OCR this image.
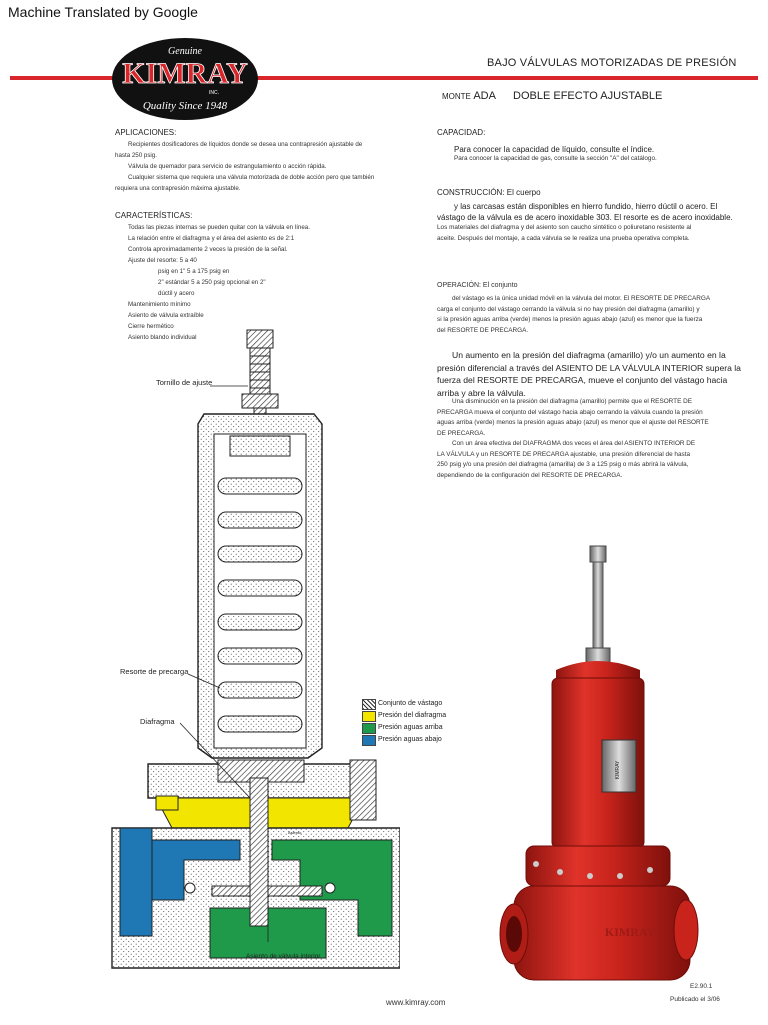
Machine Translated by Google
Genuine
KIMRAY
INC.
Quality Since 1948
BAJO VÁLVULAS MOTORIZADAS DE PRESIÓN
MONTE ADA DOBLE EFECTO AJUSTABLE
APLICACIONES:
Recipientes dosificadores de líquidos donde se desea una contrapresión ajustable de
hasta 250 psig.
Válvula de quemador para servicio de estrangulamiento o acción rápida.
Cualquier sistema que requiera una válvula motorizada de doble acción pero que también
requiera una contrapresión máxima ajustable.
CARACTERÍSTICAS:
Todas las piezas internas se pueden quitar con la válvula en línea.
La relación entre el diafragma y el área del asiento es de 2:1
Controla aproximadamente 2 veces la presión de la señal.
Ajuste del resorte: 5 a 40
psig en 1" 5 a 175 psig en
2" estándar 5 a 250 psig opcional en 2"
dúctil y acero
Mantenimiento mínimo
Asiento de válvula extraíble
Cierre hermético
Asiento blando individual
CAPACIDAD:
Para conocer la capacidad de líquido, consulte el índice.
Para conocer la capacidad de gas, consulte la sección "A" del catálogo.
CONSTRUCCIÓN: El cuerpo
y las carcasas están disponibles en hierro fundido, hierro dúctil o acero. El
vástago de la válvula es de acero inoxidable 303. El resorte es de acero inoxidable.
Los materiales del diafragma y del asiento son caucho sintético o poliuretano resistente al
aceite. Después del montaje, a cada válvula se le realiza una prueba operativa completa.
OPERACIÓN: El conjunto
del vástago es la única unidad móvil en la válvula del motor. El RESORTE DE PRECARGA
carga el conjunto del vástago cerrando la válvula si no hay presión del diafragma (amarillo) y
si la presión aguas arriba (verde) menos la presión aguas abajo (azul) es menor que la fuerza
del RESORTE DE PRECARGA.
Un aumento en la presión del diafragma (amarillo) y/o un aumento en la
presión diferencial a través del ASIENTO DE LA VÁLVULA INTERIOR supera la
fuerza del RESORTE DE PRECARGA, mueve el conjunto del vástago hacia
arriba y abre la válvula.
Una disminución en la presión del diafragma (amarillo) permite que el RESORTE DE
PRECARGA mueva el conjunto del vástago hacia abajo cerrando la válvula cuando la presión
aguas arriba (verde) menos la presión aguas abajo (azul) es menor que el ajuste del RESORTE
DE PRECARGA.
Con un área efectiva del DIAFRAGMA dos veces el área del ASIENTO INTERIOR DE
LA VÁLVULA y un RESORTE DE PRECARGA ajustable, una presión diferencial de hasta
250 psig y/o una presión del diafragma (amarilla) de 3 a 125 psig o más abrirá la válvula,
dependiendo de la configuración del RESORTE DE PRECARGA.
Tornillo de ajuste
Resorte de precarga
Diafragma
Asiento de válvula interior
Asiento
Conjunto de vástago
Presión del diafragma
Presión aguas arriba
Presión aguas abajo
KIMRAY
KIMRAY
www.kimray.com
E2.90.1
Publicado el 3/06
